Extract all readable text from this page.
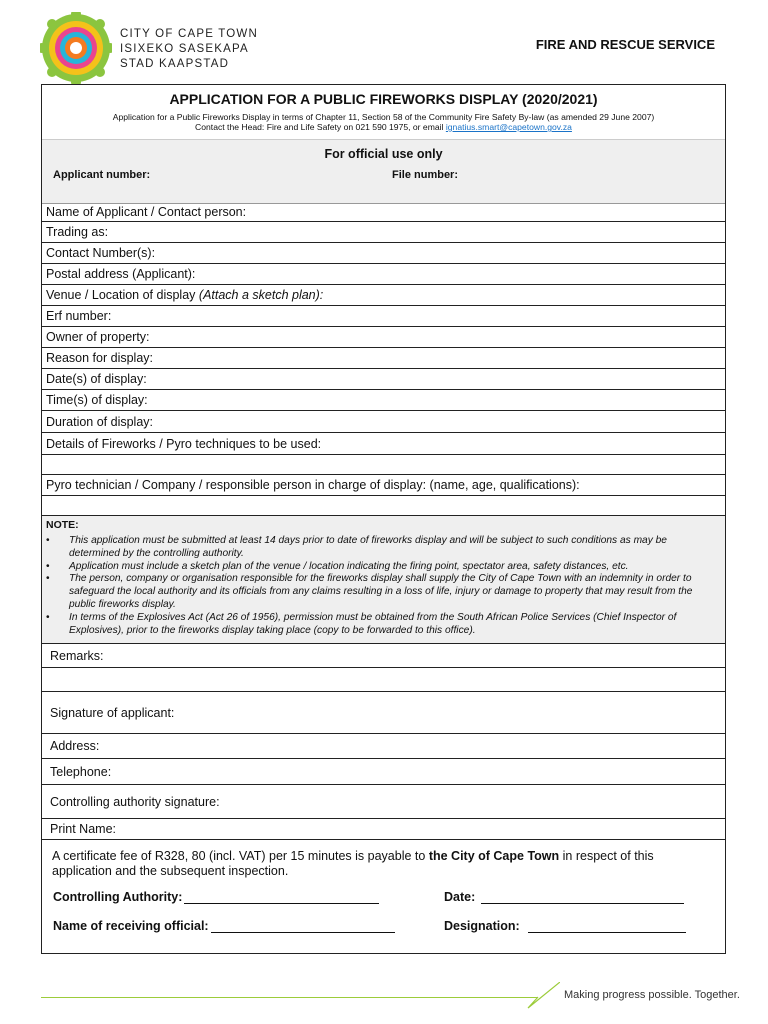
CITY OF CAPE TOWN
ISIXEKO SASEKAPA
STAD KAAPSTAD
FIRE AND RESCUE SERVICE
APPLICATION FOR A PUBLIC FIREWORKS DISPLAY (2020/2021)
Application for a Public Fireworks Display in terms of Chapter 11, Section 58 of the Community Fire Safety By-law (as amended 29 June 2007)
Contact the Head: Fire and Life Safety on 021 590 1975, or email ignatius.smart@capetown.gov.za
For official use only
Applicant number:	File number:
Name of Applicant / Contact person:
Trading as:
Contact Number(s):
Postal address (Applicant):
Venue / Location of display
(Attach a sketch plan):
Erf number:
Owner of property:
Reason for display:
Date(s) of display:
Time(s) of display:
Duration of display:
Details of Fireworks / Pyro techniques to be used:
Pyro technician / Company / responsible person in charge of display: (name, age, qualifications):
NOTE:
• This application must be submitted at least 14 days prior to date of fireworks display and will be subject to such conditions as may be determined by the controlling authority.
• Application must include a sketch plan of the venue / location indicating the firing point, spectator area, safety distances, etc.
• The person, company or organisation responsible for the fireworks display shall supply the City of Cape Town with an indemnity in order to safeguard the local authority and its officials from any claims resulting in a loss of life, injury or damage to property that may result from the public fireworks display.
• In terms of the Explosives Act (Act 26 of 1956), permission must be obtained from the South African Police Services (Chief Inspector of Explosives), prior to the fireworks display taking place (copy to be forwarded to this office).
Remarks:
Signature of applicant:
Address:
Telephone:
Controlling authority signature:
Print Name:
A certificate fee of R328, 80 (incl. VAT) per 15 minutes is payable to the City of Cape Town in respect of this application and the subsequent inspection.
Controlling Authority:	Date:
Name of receiving official:	Designation:
Making progress possible. Together.
